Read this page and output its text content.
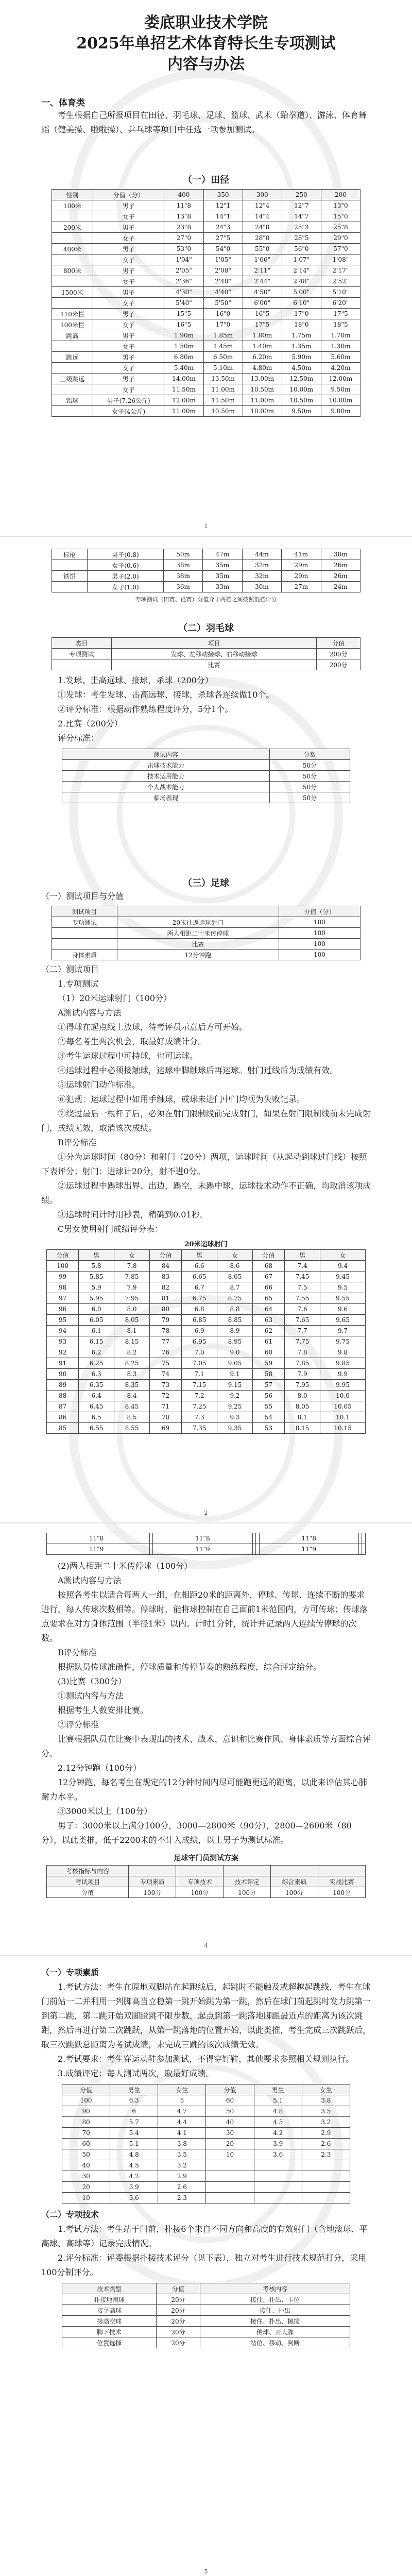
娄底职业技术学院
2025年单招艺术体育特长生专项测试
内容与办法

一、体育类

考生根据自己所报项目在田径、羽毛球、足球、篮球、武术（跆拳道）、游泳、体育舞蹈（健美操、啦啦操）、乒乓球等项目中任选一项参加测试。

（一）田径

性别	分值（分）	400	350	300	250	200
100米	男子	11"8	12"1	12"4	12"7	13"0
	女子	13"8	14"1	14"4	14"7	15"0
200米	男子	23"8	24"3	24"8	25"3	25"8
	女子	27"0	27"5	28"0	28"5	29"0
400米	男子	53"0	54"0	55"0	56"0	57"0
	女子	1'04"	1'05"	1'06"	1'07"	1'08"
800米	男子	2'05"	2'08"	2'11"	2'14"	2'17"
	女子	2'36"	2'40"	2'44"	2'48"	2'52"
1500米	男子	4'30"	4'40"	4'50"	5'00"	5'10"
	女子	5'40"	5'50"	6'00"	6'10"	6'20"
110米栏	男子	15"5	16"0	16"5	17"0	17"5
100米栏	女子	16"5	17"0	17"5	18"0	18"5
跳高	男子	1.90m	1.85m	1.80m	1.75m	1.70m
	女子	1.50m	1.45m	1.40m	1.35m	1.30m
跳远	男子	6.80m	6.50m	6.20m	5.90m	5.60m
	女子	5.40m	5.10m	4.80m	4.50m	4.20m
三级跳远	男子	14.00m	13.50m	13.00m	12.50m	12.00m
	女子	11.50m	11.00m	10.50m	10.00m	9.50m
铅球	男子(7.26公斤)	12.00m	11.50m	11.00m	10.50m	10.00m
	女子(4公斤)	11.00m	10.50m	10.00m	9.50m	9.00m
1
标枪	男子(0.8)	50m	47m	44m	41m	38m
	女子(0.6)	38m	35m	32m	29m	26m
铁饼	男子(2.0)	38m	35m	32m	29m	26m
	女子(1.0)	36m	33m	30m	27m	24m

专项测试（田赛、径赛）分值介于两档之间按照低档计分

（二）羽毛球

类目	项目	分值
专项测试	发球、左移动接球、右移动接球	200分
	比赛	200分

1.发球、击高远球、接球，杀球（200分）

①发球：考生发球、击高远球、接球，杀球各连续做10个。

②评分标准：根据动作熟练程度评分，5分1个。

2.比赛（200分）

评分标准：

测试内容	分数
击球技术能力	50分
技术运用能力	50分
个人战术能力	50分
临场表现	50分

（三）足球

（一）测试项目与分值

测试项目		分值（分）
专项测试	20米往返运球射门	100
	两人相距二十米传停球	100
	比赛	100
身体素质	12分钟跑	100

（二）测试项目

1.专项测试

（1）20米运球射门（100分）

A测试内容与方法

①得球在起点线上放球，待考评员示意后方可开始。

②每名考生两次机会，取最好成绩计分。

③考生运球过程中可持球，也可运球。

④运球过程中必须接触球，运球中脚触球后再运球。射门过线后为成绩有效。

⑤运球射门动作标准。

⑥犯规：运球过程中如用手触球，或球未进门中门均视为失败记录。

⑦绕过最后一根杆子后，必须在射门限制线前完成射门，如果在射门限制线前未完成射门，成绩无效，取消该次成绩。

B评分标准

①分为运球时间（80分）和射门（20分）两项，运球时间（从起动到球过门线）按照下表评分；射门：进球计20分，射不进0分。

②运球过程中踢球出界、出边，踢空，未踢中球，运球技术动作不正确，均取消该项成绩。

③运球时间计时用秒表，精确到0.01秒。

C男女使用射门成绩评分表：

20米运球射门

分值	男	女	分值	男	女	分值	男	女
100	5.8	7.8	84	6.6	8.6	68	7.4	9.4
99	5.85	7.85	83	6.65	8.65	67	7.45	9.45
98	5.9	7.9	82	6.7	8.7	66	7.5	9.5
97	5.95	7.95	81	6.75	8.75	65	7.55	9.55
96	6.0	8.0	80	6.8	8.8	64	7.6	9.6
95	6.05	8.05	79	6.85	8.85	63	7.65	9.65
94	6.1	8.1	78	6.9	8.9	62	7.7	9.7
93	6.15	8.15	77	6.95	8.95	61	7.75	9.75
92	6.2	8.2	76	7.0	9.0	60	7.8	9.8
91	6.25	8.25	75	7.05	9.05	59	7.85	9.85
90	6.3	8.3	74	7.1	9.1	58	7.9	9.9
89	6.35	8.35	73	7.15	9.15	57	7.95	9.95
88	6.4	8.4	72	7.2	9.2	56	8.0	10.0
87	6.45	8.45	71	7.25	9.25	55	8.05	10.05
86	6.5	8.5	70	7.3	9.3	54	8.1	10.1
85	6.55	8.55	69	7.35	9.35	53	8.15	10.15
2
11"8			11"8			11"8		
11"9			11"9			11"9		

(2)两人相距二十米传停球（100分）

A测试内容与方法

按照各考生以适合每两人一组，在相距20米的距离外，停球、传球、连续不断的要求进行，每人传球次数相等。停球时，能将球控制在自己面前1米范围内，方可传球；传球落点要求在对方身体范围（半径1米）以内。计时1分钟，统计并记录两人连续传停球的次数。

B评分标准

根据队员传球准确性，停球质量和传停节奏的熟练程度，综合评定给分。

(3)比赛（300分）

①测试内容与方法

根据考生人数安排比赛。

②评分标准

比赛根据队员在比赛中表现出的技术、战术、意识和比赛作风、身体素质等方面综合评分。

2.12分钟跑（100分）

12分钟跑，每名考生在规定的12分钟时间内尽可能跑更远的距离，以此来评估其心肺耐力水平。

③3000米以上（100分）

男子：3000米以上满分100分，3000—2800米（90分），2800—2600米（80分），以此类推，低于2200米的不计入成绩，以上男子为测试标准。

足球守门员测试方案

考核指标与内容					
考试项目	专项素质	专项技术	技术评定	综合素质	实战比赛
分值	100分	100分	100分	100分	100分
4

（一）专项素质

1.考试方法：考生在原地双脚站在起跑线后，起跳时不能触及或超越起跳线，考生在球门前站一二并利用一列脚高当立稳第一跳开始跳为第一跳，然后在球门前起跳时发力跳第一到第二跳，第二跳开始双脚蹬跳不限步数，起点到第一跳落地脚跟最近点的距离为该次跳距，然后再进行第二次跳跃，从第一跳落地的位置开始，以此类推，考生完成三次跳跃后，取三次跳跃总距离为考试成绩，未完成三跳的该次成绩无效。

2.考试要求：考生穿运动鞋参加测试，不得穿钉鞋，其他要求参照相关规则执行。

3.成绩评定：每人测试两次，取最好成绩。

分值	男生	女生	分值	男生	女生
100	6.3	5	60	5.1	3.8
90	6	4.7	50	4.8	3.5
80	5.7	4.4	40	4.5	3.2
70	5.4	4.1	30	4.2	2.9
60	5.1	3.8	20	3.9	2.6
50	4.8	3.5	10	3.6	2.3
40	4.5	3.2			
30	4.2	2.9			
20	3.9	2.6			
10	3.6	2.3			

（二）专项技术

1.考试方法：考生站于门前，扑接6个来自不同方向和高度的有效射门（含地滚球、平高球、高球等）记录完成情况。

2.评分标准：评委根据扑接技术评分（见下表），独立对考生进行技术规范打分，采用100分制评分。

技术类型	分值	考核内容
扑接地滚球	20分	接住、扑出、卡位
接平高球	20分	接住、扑出
接高空球	20分	接住、扑出、抛接
脚下技术	20分	传球、开大脚
位置选择	20分	站位、移动、判断
5
